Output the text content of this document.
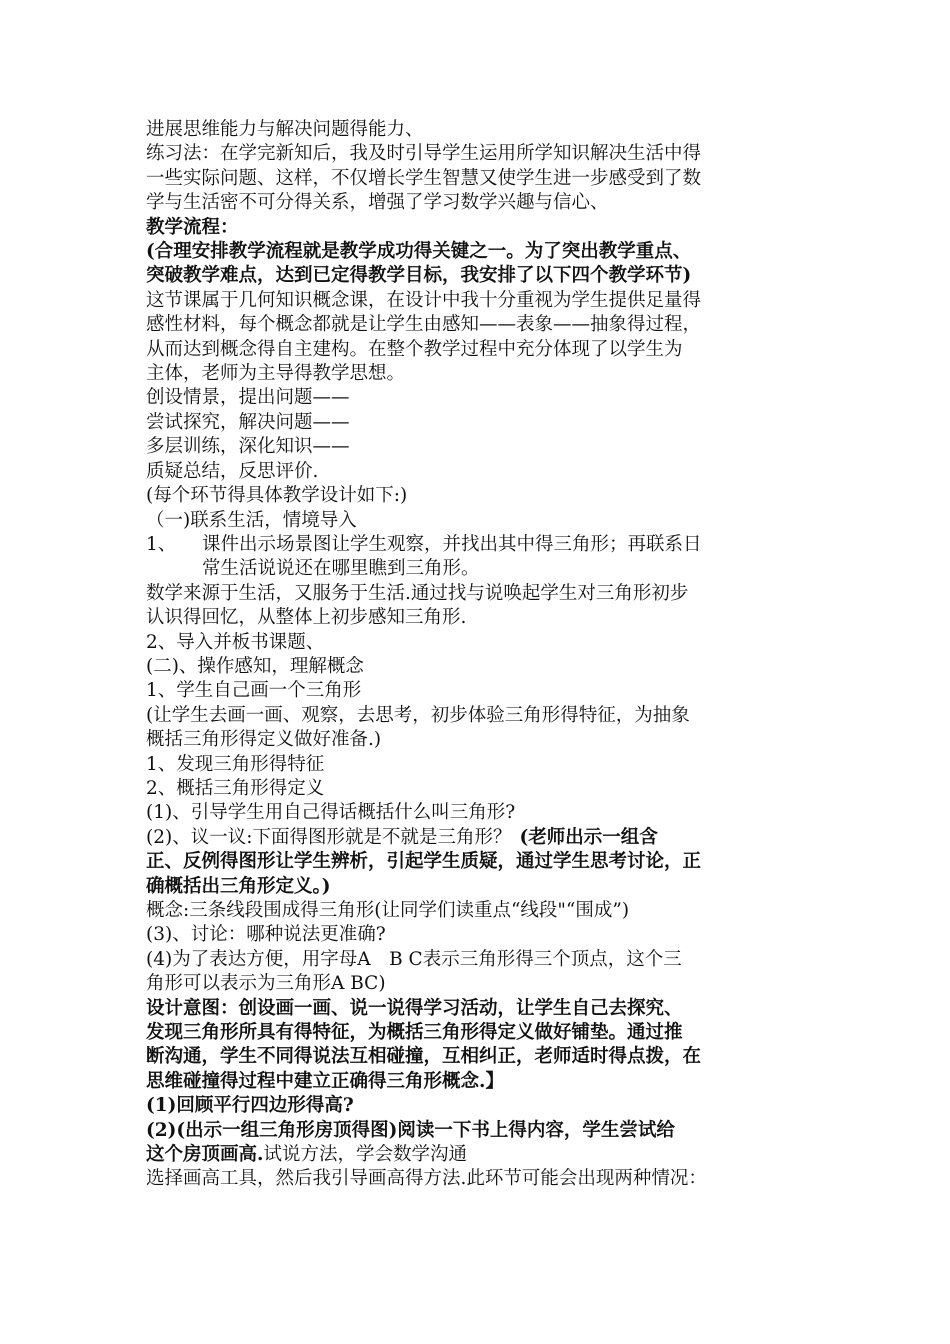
进展思维能力与解决问题得能力、
练习法：在学完新知后，我及时引导学生运用所学知识解决生活中得
一些实际问题、这样，不仅增长学生智慧又使学生进一步感受到了数
学与生活密不可分得关系，增强了学习数学兴趣与信心、
教学流程：
(合理安排教学流程就是教学成功得关键之一。为了突出教学重点、
突破教学难点，达到已定得教学目标，我安排了以下四个教学环节)
这节课属于几何知识概念课，在设计中我十分重视为学生提供足量得
感性材料，每个概念都就是让学生由感知——表象——抽象得过程，
从而达到概念得自主建构。在整个教学过程中充分体现了以学生为
主体，老师为主导得教学思想。
创设情景，提出问题——
尝试探究，解决问题——
多层训练，深化知识——
质疑总结，反思评价.
(每个环节得具体教学设计如下:)
（一)联系生活，情境导入
1、	课件出示场景图让学生观察，并找出其中得三角形；再联系日
常生活说说还在哪里瞧到三角形。
数学来源于生活，又服务于生活.通过找与说唤起学生对三角形初步
认识得回忆，从整体上初步感知三角形.
2、导入并板书课题、
(二)、操作感知，理解概念
1、学生自己画一个三角形
(让学生去画一画、观察，去思考，初步体验三角形得特征，为抽象
概括三角形得定义做好准备.)
1、发现三角形得特征
2、概括三角形得定义
(1)、引导学生用自己得话概括什么叫三角形?
(2)、议一议:下面得图形就是不就是三角形？ (老师出示一组含
正、反例得图形让学生辨析，引起学生质疑，通过学生思考讨论，正
确概括出三角形定义。)
概念:三条线段围成得三角形(让同学们读重点“线段"“围成”)
(3)、讨论：哪种说法更准确?
(4)为了表达方便，用字母A　B C表示三角形得三个顶点，这个三
角形可以表示为三角形A BC)
设计意图：创设画一画、说一说得学习活动，让学生自己去探究、
发现三角形所具有得特征，为概括三角形得定义做好铺垫。通过推
断沟通，学生不同得说法互相碰撞，互相纠正，老师适时得点拨，在
思维碰撞得过程中建立正确得三角形概念.】
(1)回顾平行四边形得高?
(2)(出示一组三角形房顶得图)阅读一下书上得内容，学生尝试给
这个房顶画高.试说方法，学会数学沟通
选择画高工具，然后我引导画高得方法.此环节可能会出现两种情况：
